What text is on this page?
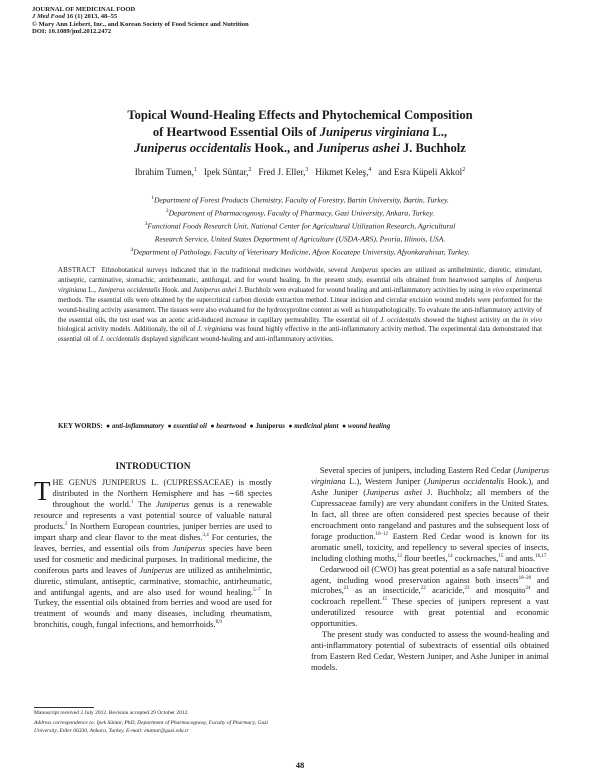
JOURNAL OF MEDICINAL FOOD
J Med Food 16 (1) 2013, 48–55
© Mary Ann Liebert, Inc., and Korean Society of Food Science and Nutrition
DOI: 10.1089/jmf.2012.2472
Topical Wound-Healing Effects and Phytochemical Composition
of Heartwood Essential Oils of Juniperus virginiana L.,
Juniperus occidentalis Hook., and Juniperus ashei J. Buchholz
Ibrahim Tumen,$^1$ Ipek Süntar,$^2$ Fred J. Eller,$^3$ Hikmet Keleş,$^4$ and Esra Küpeli Akkol$^2$
$^1$Department of Forest Products Chemistry, Faculty of Forestry, Bartin University, Bartin, Turkey.
$^2$Department of Pharmacognosy, Faculty of Pharmacy, Gazi University, Ankara, Turkey.
$^3$Functional Foods Research Unit, National Center for Agricultural Utilization Research, Agricultural
Research Service, United States Department of Agriculture (USDA-ARS), Peoria, Illinois, USA.
$^4$Department of Pathology, Faculty of Veterinary Medicine, Afyon Kocatepe University, Afyonkarahisar, Turkey.
ABSTRACT Ethnobotanical surveys indicated that in the traditional medicines worldwide, several Juniperus species are utilized as antihelmintic, diuretic, stimulant, antiseptic, carminative, stomachic, antirheumatic, antifungal, and for wound healing. In the present study, essential oils obtained from heartwood samples of Juniperus virginiana L., Juniperus occidentalis Hook. and Juniperus ashei J. Buchholz were evaluated for wound healing and anti-inflammatory activities by using in vivo experimental methods. The essential oils were obtained by the supercritical carbon dioxide extraction method. Linear incision and circular excision wound models were performed for the wound-healing activity assessment. The tissues were also evaluated for the hydroxyproline content as well as histopathologically. To evaluate the anti-inflammatory activity of the essential oils, the test used was an acetic acid-induced increase in capillary permeability. The essential oil of J. occidentalis showed the highest activity on the in vivo biological activity models. Additionaly, the oil of J. virginiana was found highly effective in the anti-inflammatory activity method. The experimental data demonstrated that essential oil of J. occidentalis displayed significant wound-healing and anti-inflammatory activities.
KEY WORDS:  ● anti-inflammatory  ● essential oil  ● heartwood  ● Juniperus  ● medicinal plant  ● wound healing
INTRODUCTION

THE GENUS JUNIPERUS L. (CUPRESSACEAE) is mostly distributed in the Northern Hemisphere and has ∼68 species throughout the world.$^1$ The Juniperus genus is a renewable resource and represents a vast potential source of valuable natural products.$^2$ In Northern European countries, juniper berries are used to impart sharp and clear flavor to the meat dishes.$^{3,4}$ For centuries, the leaves, berries, and essential oils from Juniperus species have been used for cosmetic and medicinal purposes. In traditional medicine, the coniferous parts and leaves of Juniperus are utilized as antihelmintic, diuretic, stimulant, antiseptic, carminative, stomachic, antirheumatic, and antifungal agents, and are also used for wound healing.$^{5-7}$ In Turkey, the essential oils obtained from berries and wood are used for treatment of wounds and many diseases, including rheumatism, bronchitis, cough, fungal infections, and hemorrhoids.$^{8,9}$

Several species of junipers, including Eastern Red Cedar (Juniperus virginiana L.), Western Juniper (Juniperus occidentalis Hook.), and Ashe Juniper (Juniperus ashei J. Buchholz; all members of the Cupressaceae family) are very abundant conifers in the United States. In fact, all three are often considered pest species because of their encroachment onto rangeland and pastures and the subsequent loss of forage production.$^{10-12}$ Eastern Red Cedar wood is known for its aromatic smell, toxicity, and repellency to several species of insects, including clothing moths,$^{13}$ flour beetles,$^{14}$ cockroaches,$^{15}$ and ants.$^{16,17}$

Cedarwood oil (CWO) has great potential as a safe natural bioactive agent, including wood preservation against both insects$^{18-20}$ and microbes,$^{21}$ as an insecticide,$^{22}$ acaricide,$^{23}$ and mosquito$^{24}$ and cockroach repellent.$^{15}$ These species of junipers represent a vast underutilized resource with great potential and economic opportunities.

The present study was conducted to assess the wound-healing and anti-inflammatory potential of subextracts of essential oils obtained from Eastern Red Cedar, Western Juniper, and Ashe Juniper in animal models.

Manuscript received 2 July 2012. Revision accepted 29 October 2012.

Address correspondence to: Ipek Süntar, PhD, Department of Pharmacognosy, Faculty of Pharmacy, Gazi University, Etiler 06330, Ankara, Turkey, E-mail: etuntar@gazi.edu.tr

48
